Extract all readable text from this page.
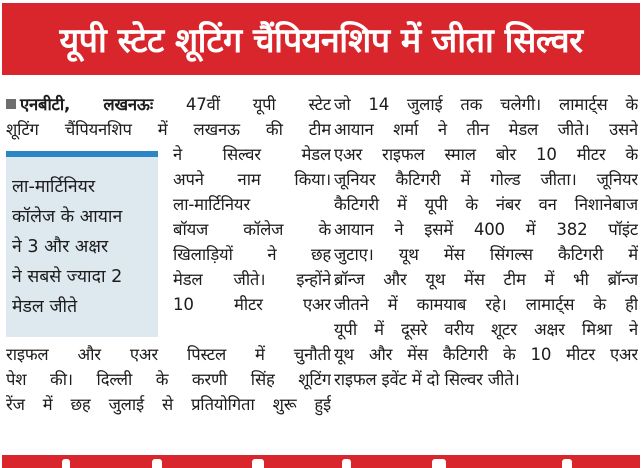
यूपी स्टेट शूटिंग चैंपियनशिप में जीता सिल्वर
एनबीटी, लखनऊः 47वीं यूपी स्टेट
शूटिंग चैंपियनशिप में लखनऊ की टीम
ने सिल्वर मेडल
अपने नाम किया।
ला-मार्टिनियर
बॉयज कॉलेज के
खिलाड़ियों ने छह
मेडल जीते। इन्होंने
10 मीटर एअर
ला-मार्टिनियर
कॉलेज के आयान
ने 3 और अक्षर
ने सबसे ज्यादा 2
मेडल जीते
राइफल और एअर पिस्टल में चुनौती
पेश की। दिल्ली के करणी सिंह शूटिंग
रेंज में छह जुलाई से प्रतियोगिता शुरू हुई
जो 14 जुलाई तक चलेगी। लामार्ट्स के
आयान शर्मा ने तीन मेडल जीते। उसने
एअर राइफल स्माल बोर 10 मीटर के
जूनियर कैटिगरी में गोल्ड जीता। जूनियर
कैटिगरी में यूपी के नंबर वन निशानेबाज
आयान ने इसमें 400 में 382 पॉइंट
जुटाए। यूथ मेंस सिंगल्स कैटिगरी में
ब्रॉन्ज और यूथ मेंस टीम में भी ब्रॉन्ज
जीतने में कामयाब रहे। लामार्ट्स के ही
यूपी में दूसरे वरीय शूटर अक्षर मिश्रा ने
यूथ और मेंस कैटिगरी के 10 मीटर एअर
राइफल इवेंट में दो सिल्वर जीते।
